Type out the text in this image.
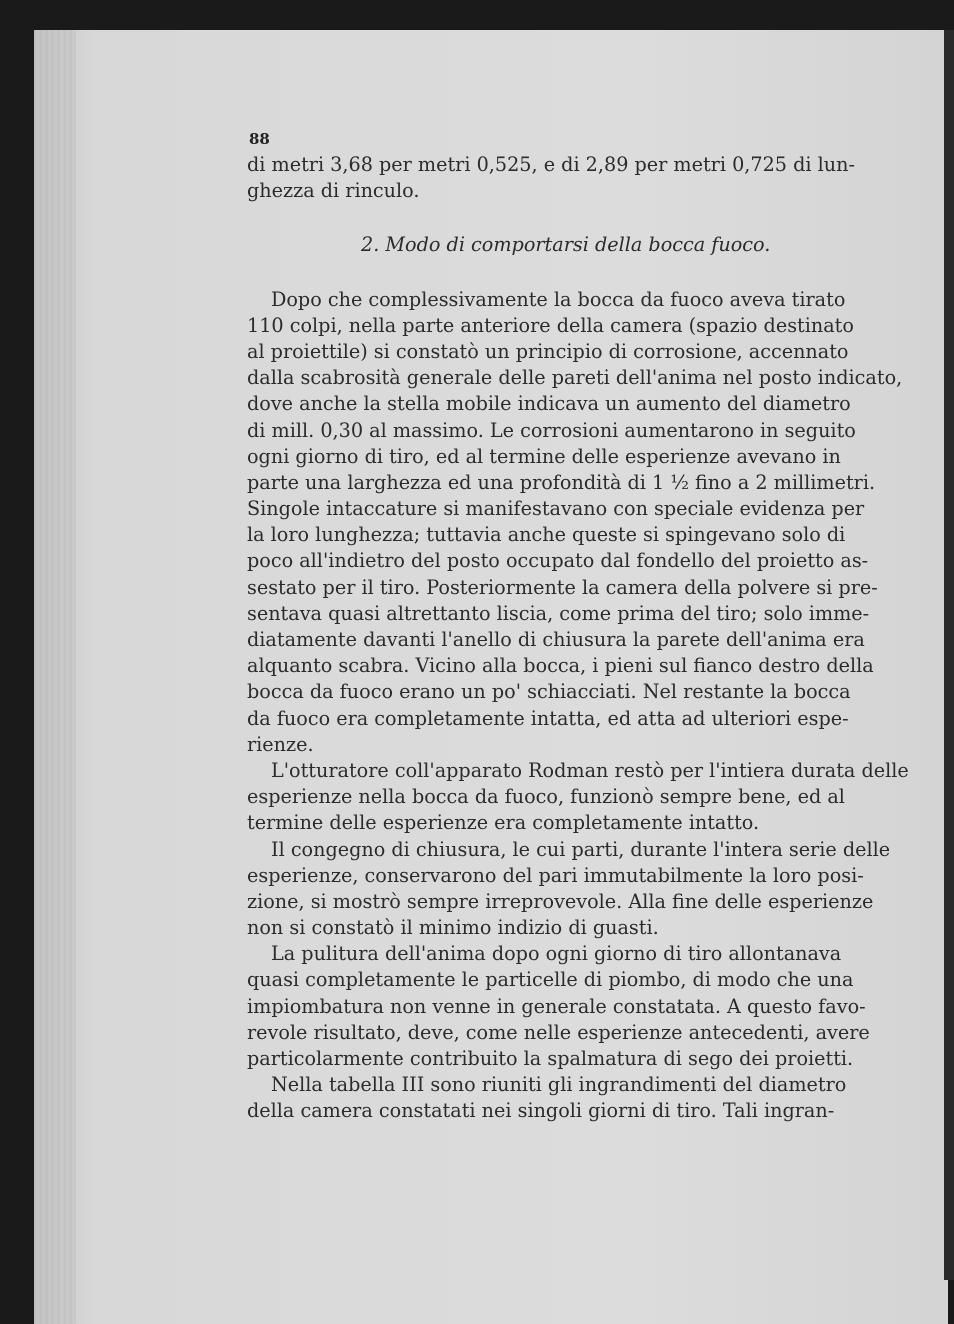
88
di metri 3,68 per metri 0,525, e di 2,89 per metri 0,725 di lun-
ghezza di rinculo.
2. Modo di comportarsi della bocca fuoco.
Dopo che complessivamente la bocca da fuoco aveva tirato
110 colpi, nella parte anteriore della camera (spazio destinato
al proiettile) si constatò un principio di corrosione, accennato
dalla scabrosità generale delle pareti dell'anima nel posto indicato,
dove anche la stella mobile indicava un aumento del diametro
di mill. 0,30 al massimo. Le corrosioni aumentarono in seguito
ogni giorno di tiro, ed al termine delle esperienze avevano in
parte una larghezza ed una profondità di 1 ½ fino a 2 millimetri.
Singole intaccature si manifestavano con speciale evidenza per
la loro lunghezza; tuttavia anche queste si spingevano solo di
poco all'indietro del posto occupato dal fondello del proietto as-
sestato per il tiro. Posteriormente la camera della polvere si pre-
sentava quasi altrettanto liscia, come prima del tiro; solo imme-
diatamente davanti l'anello di chiusura la parete dell'anima era
alquanto scabra. Vicino alla bocca, i pieni sul fianco destro della
bocca da fuoco erano un po' schiacciati. Nel restante la bocca
da fuoco era completamente intatta, ed atta ad ulteriori espe-
rienze.
L'otturatore coll'apparato Rodman restò per l'intiera durata delle
esperienze nella bocca da fuoco, funzionò sempre bene, ed al
termine delle esperienze era completamente intatto.
Il congegno di chiusura, le cui parti, durante l'intera serie delle
esperienze, conservarono del pari immutabilmente la loro posi-
zione, si mostrò sempre irreprovevole. Alla fine delle esperienze
non si constatò il minimo indizio di guasti.
La pulitura dell'anima dopo ogni giorno di tiro allontanava
quasi completamente le particelle di piombo, di modo che una
impiombatura non venne in generale constatata. A questo favo-
revole risultato, deve, come nelle esperienze antecedenti, avere
particolarmente contribuito la spalmatura di sego dei proietti.
Nella tabella III sono riuniti gli ingrandimenti del diametro
della camera constatati nei singoli giorni di tiro. Tali ingran-
